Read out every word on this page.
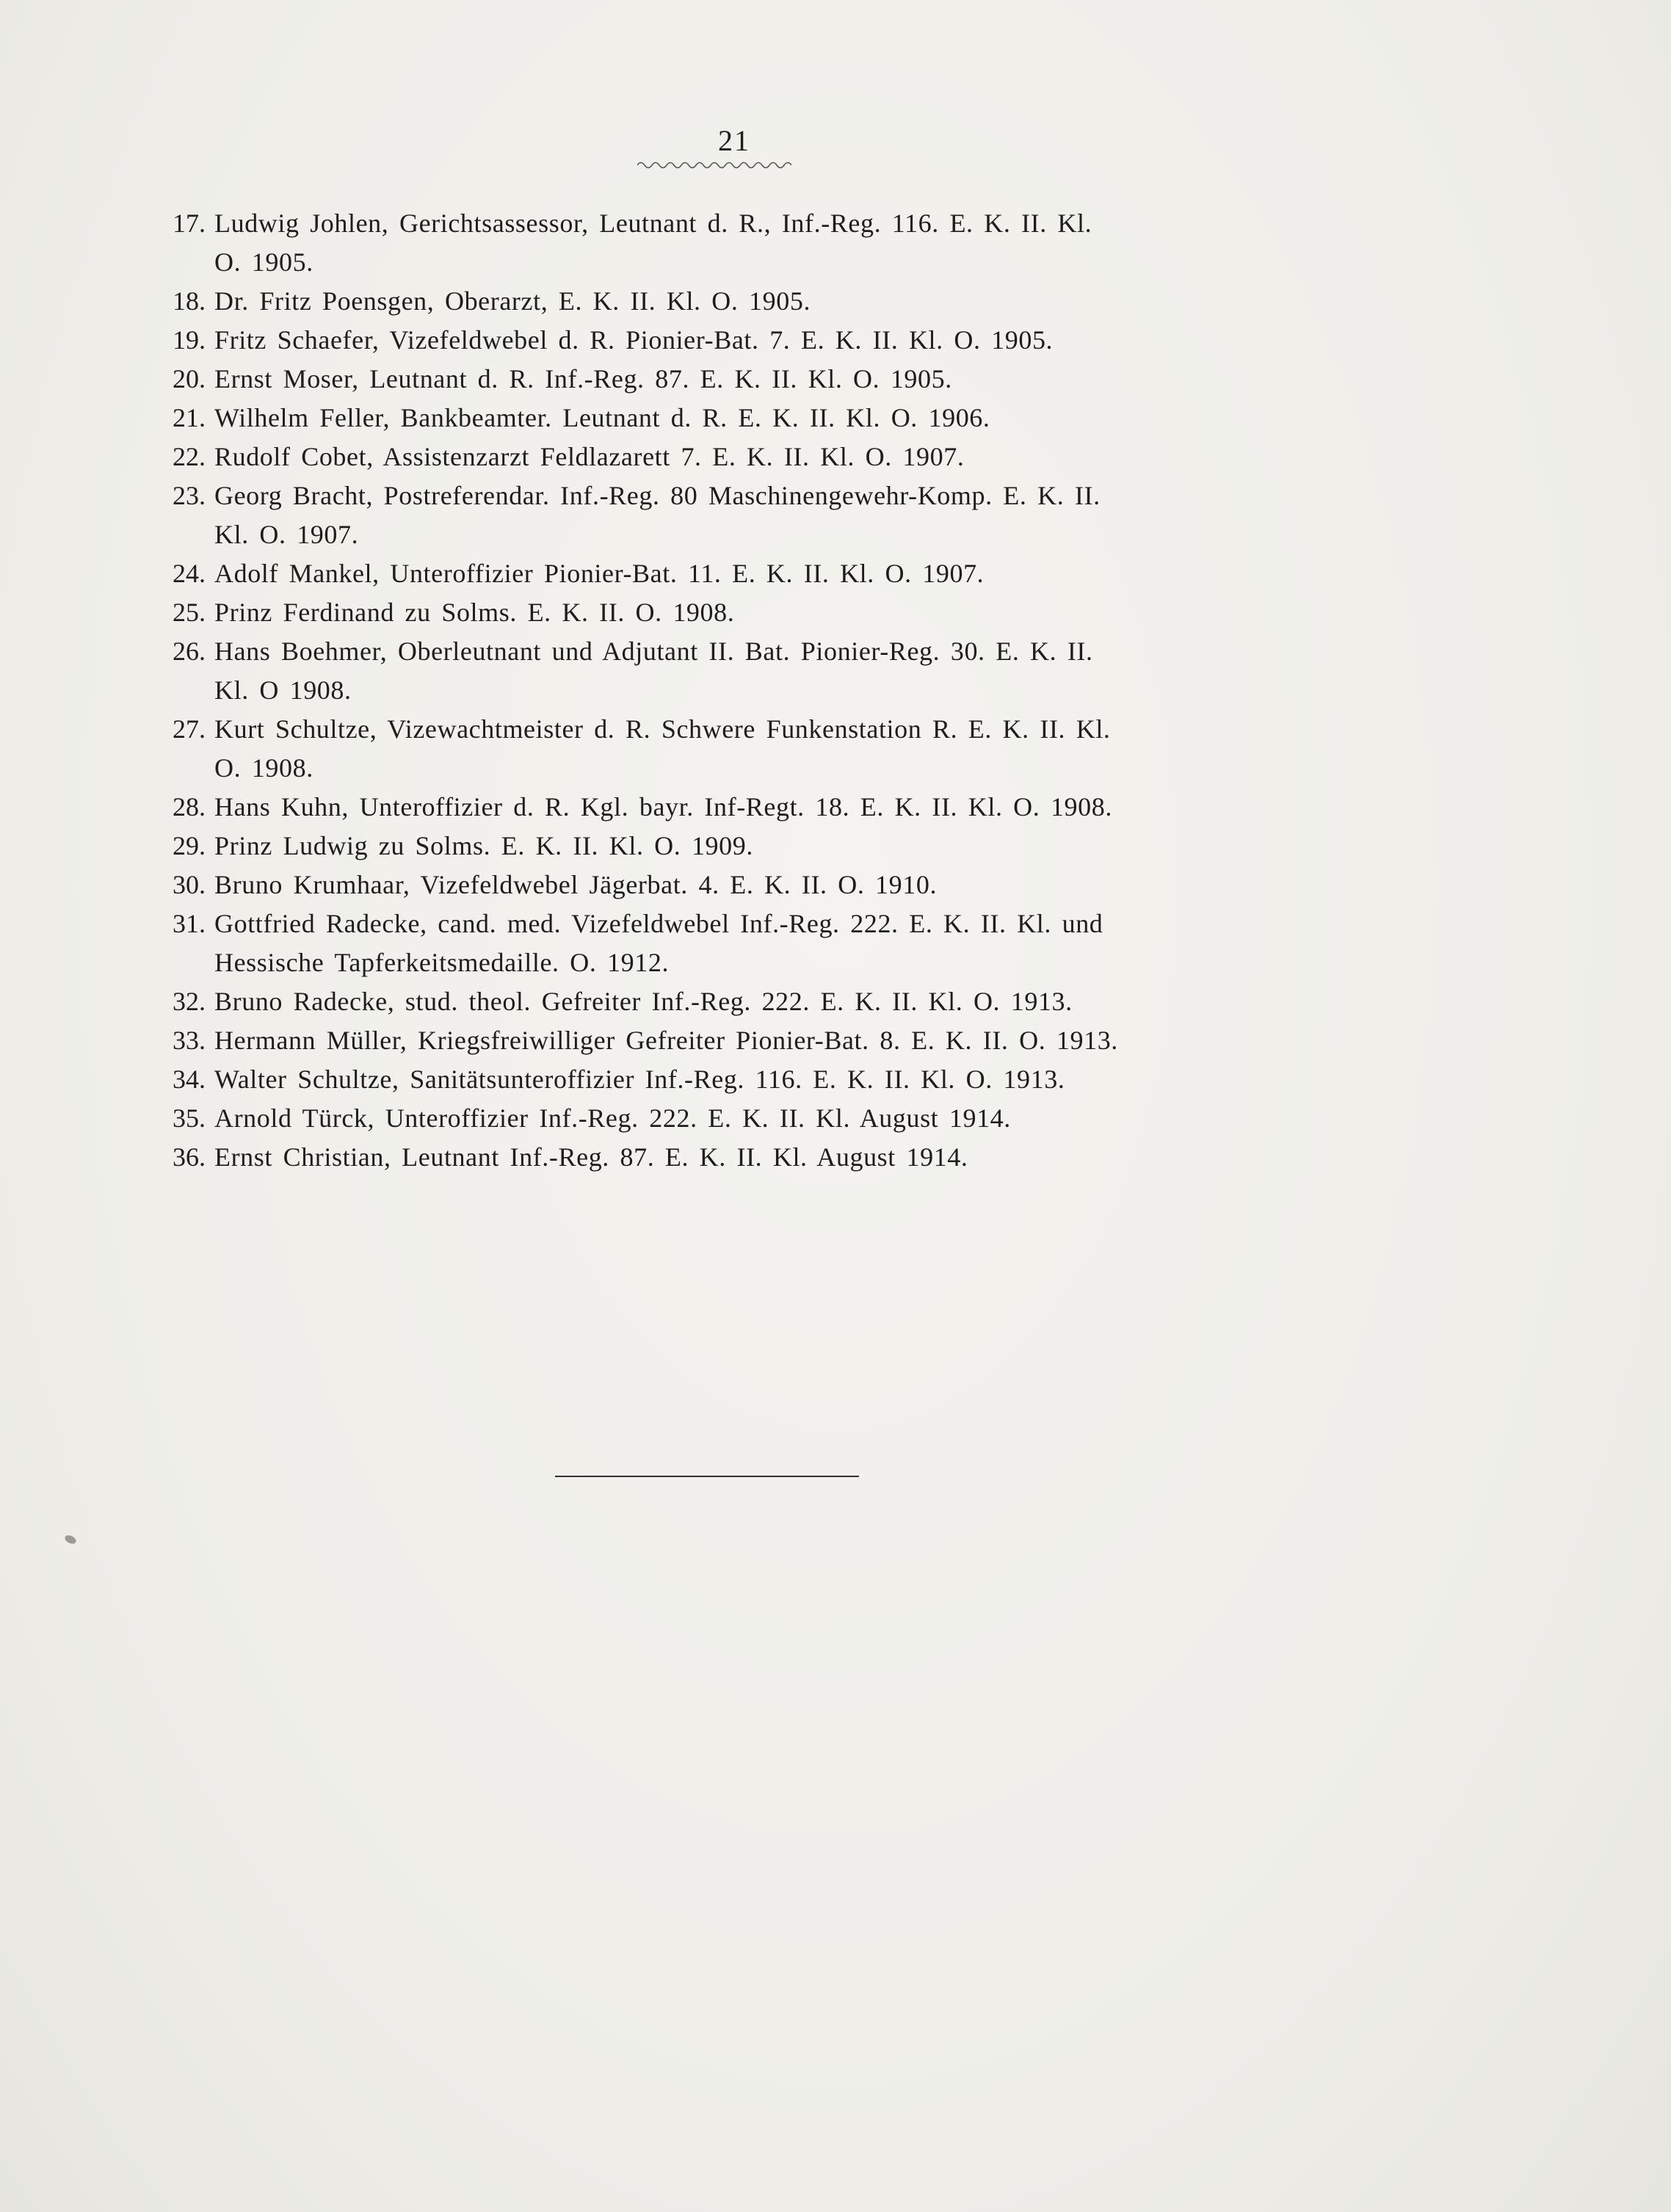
21
17. Ludwig Johlen, Gerichtsassessor, Leutnant d. R., Inf.-Reg. 116. E. K. II. Kl.
O. 1905.
18. Dr. Fritz Poensgen, Oberarzt, E. K. II. Kl. O. 1905.
19. Fritz Schaefer, Vizefeldwebel d. R. Pionier-Bat. 7. E. K. II. Kl. O. 1905.
20. Ernst Moser, Leutnant d. R. Inf.-Reg. 87. E. K. II. Kl. O. 1905.
21. Wilhelm Feller, Bankbeamter. Leutnant d. R. E. K. II. Kl. O. 1906.
22. Rudolf Cobet, Assistenzarzt Feldlazarett 7. E. K. II. Kl. O. 1907.
23. Georg Bracht, Postreferendar. Inf.-Reg. 80 Maschinengewehr-Komp. E. K. II.
Kl. O. 1907.
24. Adolf Mankel, Unteroffizier Pionier-Bat. 11. E. K. II. Kl. O. 1907.
25. Prinz Ferdinand zu Solms. E. K. II. O. 1908.
26. Hans Boehmer, Oberleutnant und Adjutant II. Bat. Pionier-Reg. 30. E. K. II.
Kl. O 1908.
27. Kurt Schultze, Vizewachtmeister d. R. Schwere Funkenstation R. E. K. II. Kl.
O. 1908.
28. Hans Kuhn, Unteroffizier d. R. Kgl. bayr. Inf-Regt. 18. E. K. II. Kl. O. 1908.
29. Prinz Ludwig zu Solms. E. K. II. Kl. O. 1909.
30. Bruno Krumhaar, Vizefeldwebel Jägerbat. 4. E. K. II. O. 1910.
31. Gottfried Radecke, cand. med. Vizefeldwebel Inf.-Reg. 222. E. K. II. Kl. und
Hessische Tapferkeitsmedaille. O. 1912.
32. Bruno Radecke, stud. theol. Gefreiter Inf.-Reg. 222. E. K. II. Kl. O. 1913.
33. Hermann Müller, Kriegsfreiwilliger Gefreiter Pionier-Bat. 8. E. K. II. O. 1913.
34. Walter Schultze, Sanitätsunteroffizier Inf.-Reg. 116. E. K. II. Kl. O. 1913.
35. Arnold Türck, Unteroffizier Inf.-Reg. 222. E. K. II. Kl. August 1914.
36. Ernst Christian, Leutnant Inf.-Reg. 87. E. K. II. Kl. August 1914.
